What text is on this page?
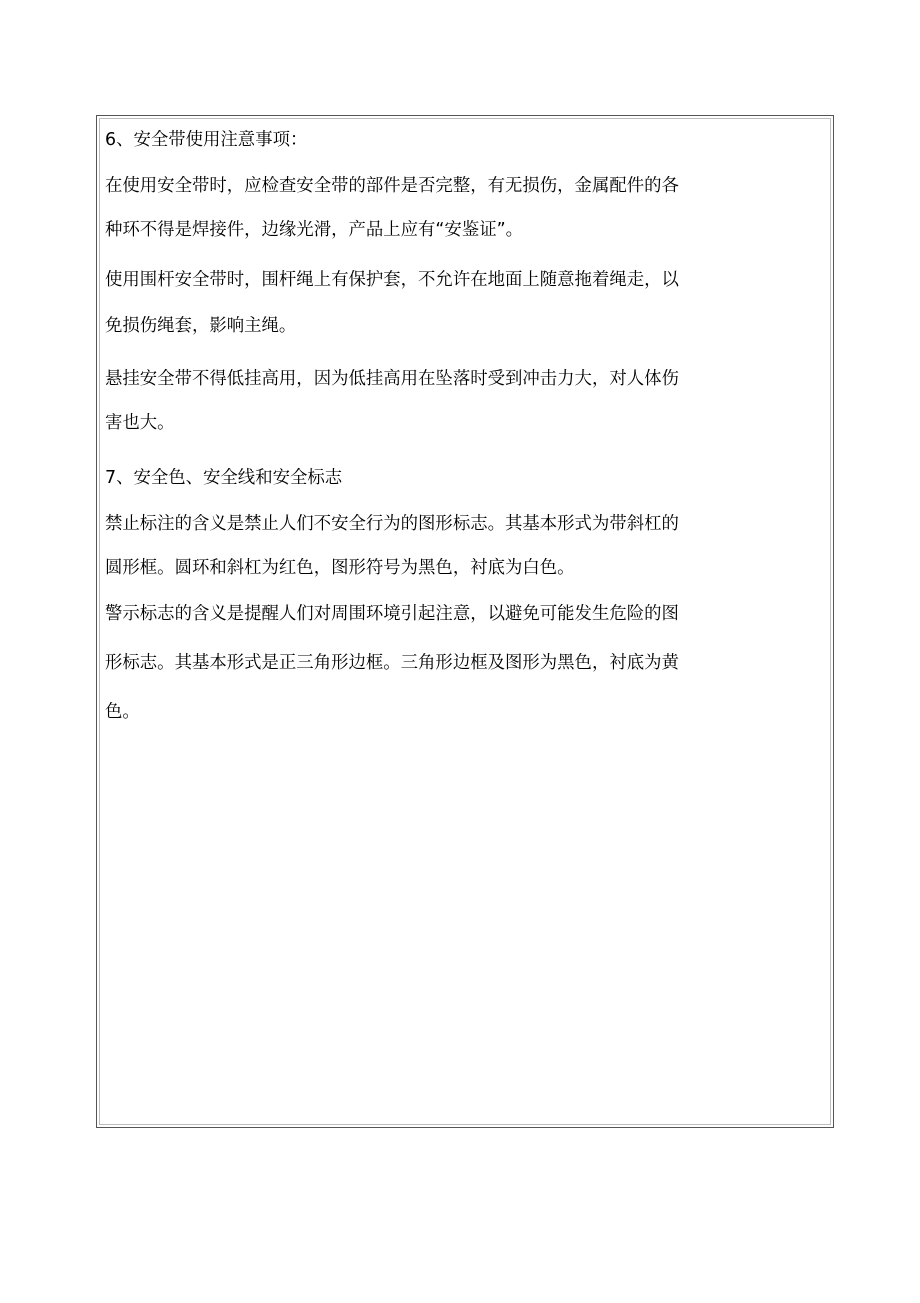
6、安全带使用注意事项：
在使用安全带时，应检查安全带的部件是否完整，有无损伤，金属配件的各
种环不得是焊接件，边缘光滑，产品上应有“安鉴证”。
使用围杆安全带时，围杆绳上有保护套，不允许在地面上随意拖着绳走，以
免损伤绳套，影响主绳。
悬挂安全带不得低挂高用，因为低挂高用在坠落时受到冲击力大，对人体伤
害也大。
7、安全色、安全线和安全标志
禁止标注的含义是禁止人们不安全行为的图形标志。其基本形式为带斜杠的
圆形框。圆环和斜杠为红色，图形符号为黑色，衬底为白色。
警示标志的含义是提醒人们对周围环境引起注意，以避免可能发生危险的图
形标志。其基本形式是正三角形边框。三角形边框及图形为黑色，衬底为黄
色。
